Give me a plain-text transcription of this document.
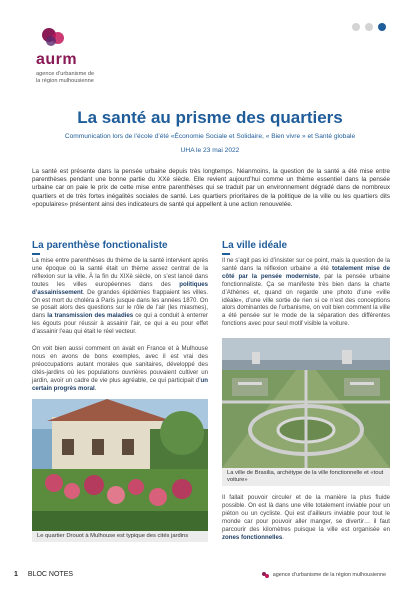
aurm
agence d’urbanisme de
la région mulhousienne
La santé au prisme des quartiers
Communication lors de l’école d’été «Économie Sociale et Solidaire, « Bien vivre » et Santé globale
UHA le 23 mai 2022

La santé est présente dans la pensée urbaine depuis très longtemps. Néanmoins, la question de la santé a été mise entre parenthèses pendant une bonne partie du XXè siècle. Elle revient aujourd’hui comme un thème essentiel dans la pensée urbaine car on paie le prix de cette mise entre parenthèses qui se traduit par un environnement dégradé dans de nombreux quartiers et de très fortes inégalités sociales de santé. Les quartiers prioritaires de la politique de la ville ou les quartiers dits «populaires» présentent ainsi des indicateurs de santé qui appellent à une action renouvelée.

La parenthèse fonctionaliste

La mise entre parenthèses du thème de la santé intervient après une époque où la santé était un thème assez central de la réflexion sur la ville. À la fin du XIXè siècle, on s’est lancé dans toutes les villes européennes dans des politiques d’assainissement. De grandes épidémies frappaient les villes. On est mort du choléra à Paris jusque dans les années 1870. On se posait alors des questions sur le rôle de l’air (les miasmes), dans la transmission des maladies ce qui a conduit à enterrer les égouts pour réussir à assainir l’air, ce qui a eu pour effet d’assainir l’eau qui était le réel vecteur.

On voit bien aussi comment on avait en France et à Mulhouse nous en avons de bons exemples, avec il est vrai des préoccupations autant morales que sanitaires, développé des cités-jardins où les populations ouvrières pouvaient cultiver un jardin, avoir un cadre de vie plus agréable, ce qui participait d’un certain progrès moral.

Le quartier Drouot à Mulhouse est typique des cités jardins
La ville idéale

Il ne s’agit pas ici d’insister sur ce point, mais la question de la santé dans la réflexion urbaine a été totalement mise de côté par la pensée moderniste, par la pensée urbaine fonctionnaliste. Ça se manifeste très bien dans la charte d’Athènes et, quand on regarde une photo d’une «ville idéale», d’une ville sortie de rien si ce n’est des conceptions alors dominantes de l’urbanisme, on voit bien comment la ville a été pensée sur le mode de la séparation des différentes fonctions avec pour seul motif visible la voiture.

La ville de Brasilia, archétype de la ville fonctionnelle et «tout voiture»

Il fallait pouvoir circuler et de la manière la plus fluide possible. On est là dans une ville totalement inviable pour un piéton ou un cycliste. Qui est d’ailleurs inviable pour tout le monde car pour pouvoir aller manger, se divertir… il faut parcourir des kilomètres puisque la ville est organisée en zones fonctionnelles.

1 BLOC NOTES	agence d’urbanisme de la région mulhousienne
